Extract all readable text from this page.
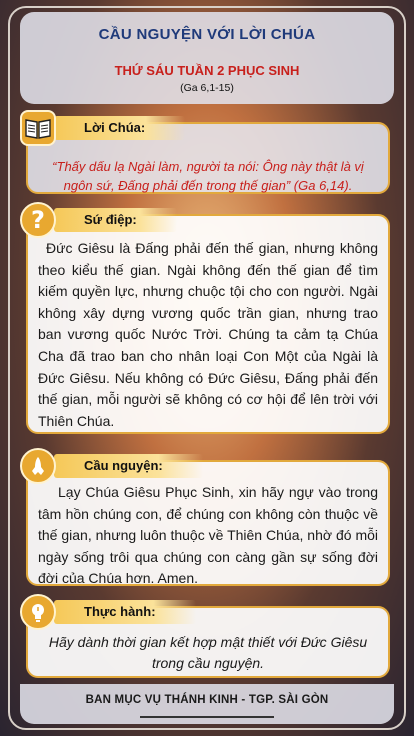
CẦU NGUYỆN VỚI LỜI CHÚA
THỨ SÁU TUẦN 2 PHỤC SINH
(Ga 6,1-15)
Lời Chúa:
“Thấy dấu lạ Ngài làm, người ta nói: Ông này thật là vị ngôn sứ, Đấng phải đến trong thế gian” (Ga 6,14).
Sứ điệp:
?
Đức Giêsu là Đấng phải đến thế gian, nhưng không theo kiểu thế gian. Ngài không đến thế gian để tìm kiếm quyền lực, nhưng chuộc tội cho con người. Ngài không xây dựng vương quốc trần gian, nhưng trao ban vương quốc Nước Trời. Chúng ta cảm tạ Chúa Cha đã trao ban cho nhân loại Con Một của Ngài là Đức Giêsu. Nếu không có Đức Giêsu, Đấng phải đến thế gian, mỗi người sẽ không có cơ hội để lên trời với Thiên Chúa.
Cầu nguyện:
Lạy Chúa Giêsu Phục Sinh, xin hãy ngự vào trong tâm hồn chúng con, để chúng con không còn thuộc về thế gian, nhưng luôn thuộc về Thiên Chúa, nhờ đó mỗi ngày sống trôi qua chúng con càng gần sự sống đời đời của Chúa hơn. Amen.
Thực hành:
Hãy dành thời gian kết hợp mật thiết với Đức Giêsu trong cầu nguyện.
BAN MỤC VỤ THÁNH KINH - TGP. SÀI GÒN
